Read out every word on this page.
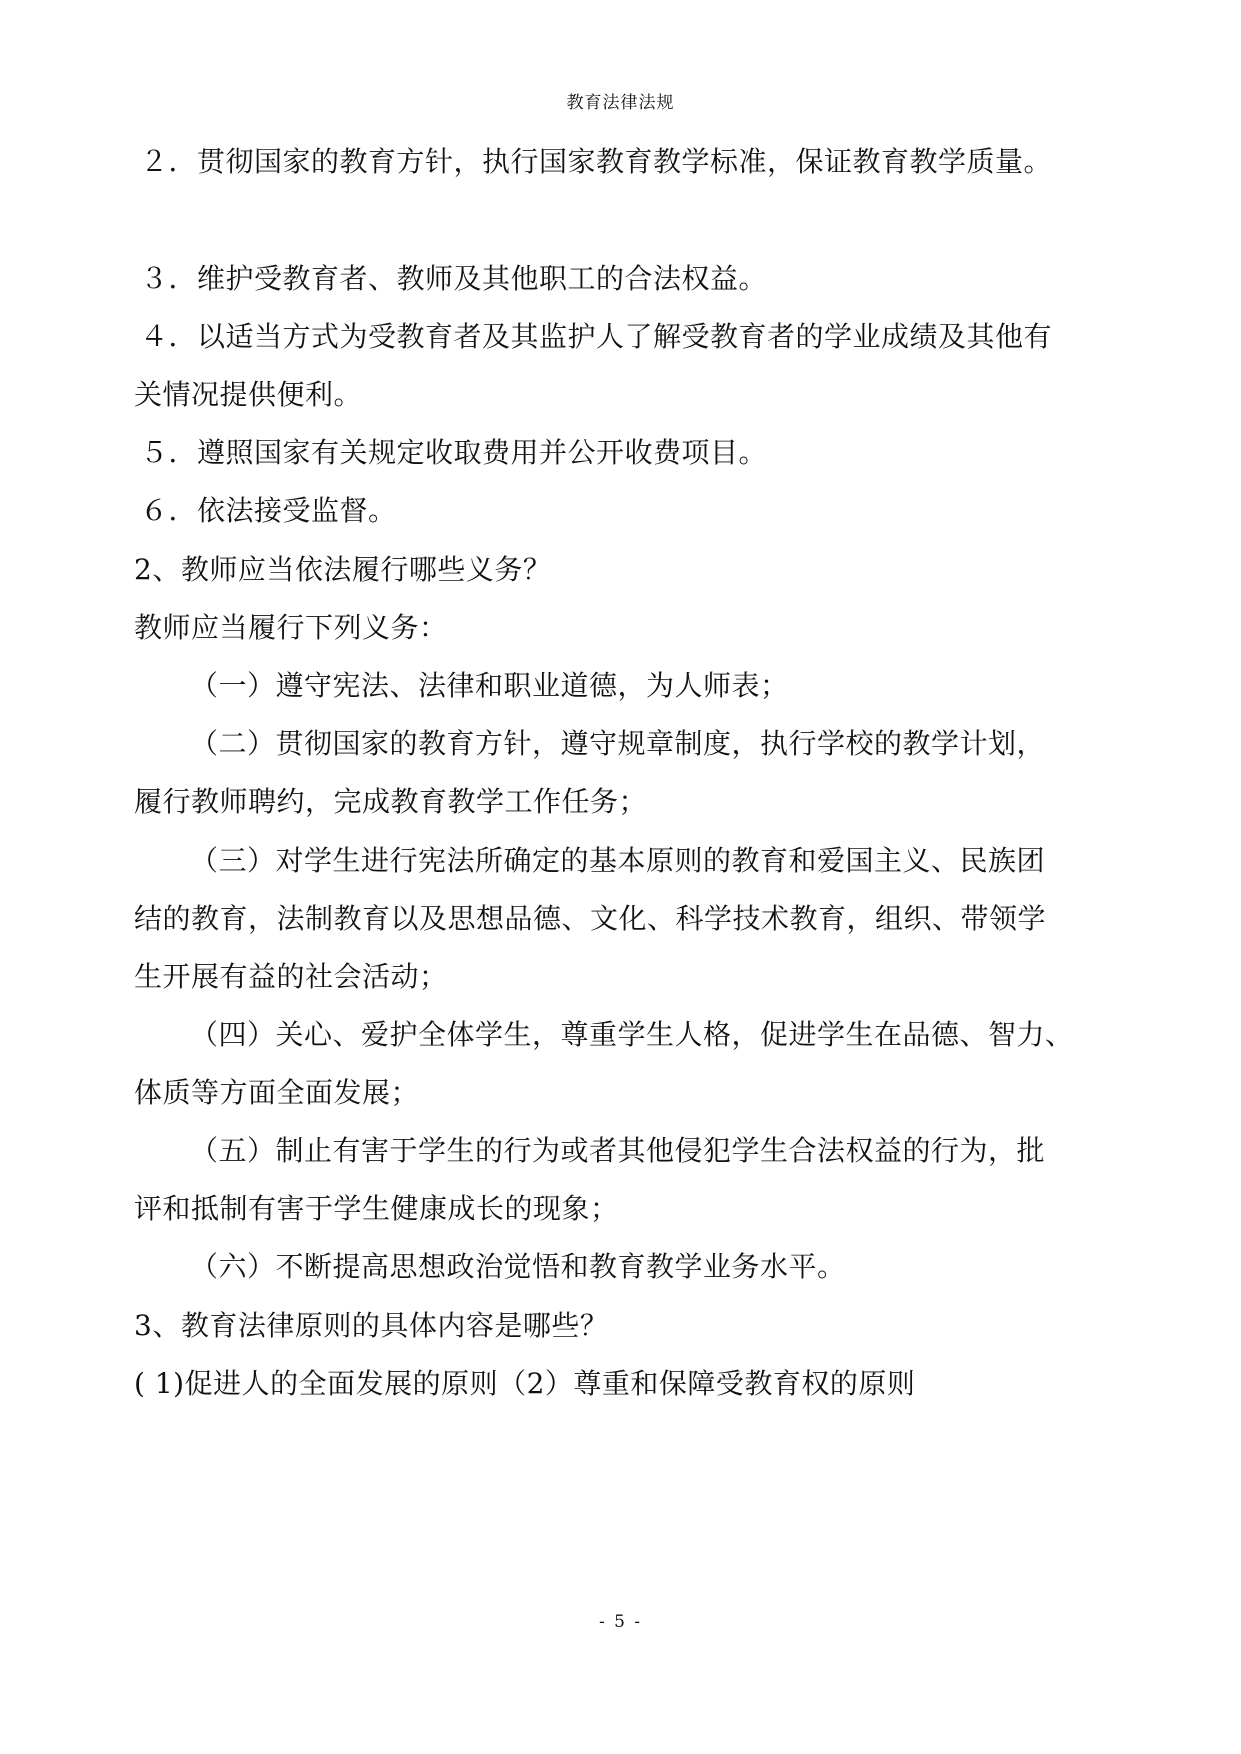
教育法律法规
２．贯彻国家的教育方针，执行国家教育教学标准，保证教育教学质量。
３．维护受教育者、教师及其他职工的合法权益。
４．以适当方式为受教育者及其监护人了解受教育者的学业成绩及其他有
关情况提供便利。
５．遵照国家有关规定收取费用并公开收费项目。
６．依法接受监督。
2、教师应当依法履行哪些义务？
教师应当履行下列义务：
（一）遵守宪法、法律和职业道德，为人师表；
（二）贯彻国家的教育方针，遵守规章制度，执行学校的教学计划，
履行教师聘约，完成教育教学工作任务；
（三）对学生进行宪法所确定的基本原则的教育和爱国主义、民族团
结的教育，法制教育以及思想品德、文化、科学技术教育，组织、带领学
生开展有益的社会活动；
（四）关心、爱护全体学生，尊重学生人格，促进学生在品德、智力、
体质等方面全面发展；
（五）制止有害于学生的行为或者其他侵犯学生合法权益的行为，批
评和抵制有害于学生健康成长的现象；
（六）不断提高思想政治觉悟和教育教学业务水平。
3、教育法律原则的具体内容是哪些？
( 1)促进人的全面发展的原则（2）尊重和保障受教育权的原则
- 5 -
